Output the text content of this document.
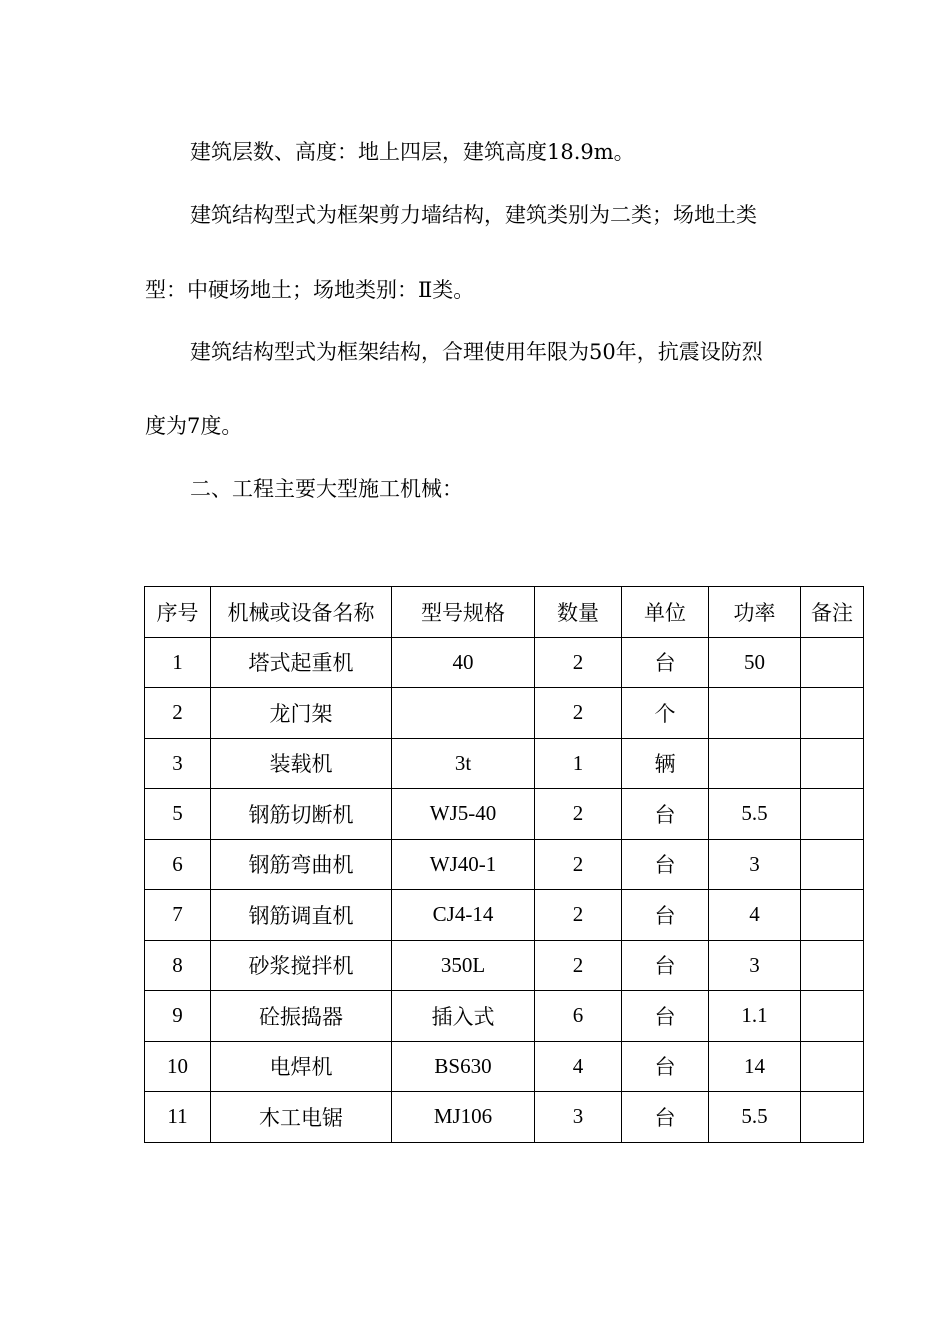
建筑层数、高度：地上四层，建筑高度18.9m。

建筑结构型式为框架剪力墙结构，建筑类别为二类；场地土类

型：中硬场地土；场地类别：Ⅱ类。

建筑结构型式为框架结构，合理使用年限为50年，抗震设防烈

度为7度。

二、工程主要大型施工机械：

序号	机械或设备名称	型号规格	数量	单位	功率	备注
1	塔式起重机	40	2	台	50	
2	龙门架		2	个		
3	装载机	3t	1	辆		
5	钢筋切断机	WJ5-40	2	台	5.5	
6	钢筋弯曲机	WJ40-1	2	台	3	
7	钢筋调直机	CJ4-14	2	台	4	
8	砂浆搅拌机	350L	2	台	3	
9	砼振捣器	插入式	6	台	1.1	
10	电焊机	BS630	4	台	14	
11	木工电锯	MJ106	3	台	5.5	
